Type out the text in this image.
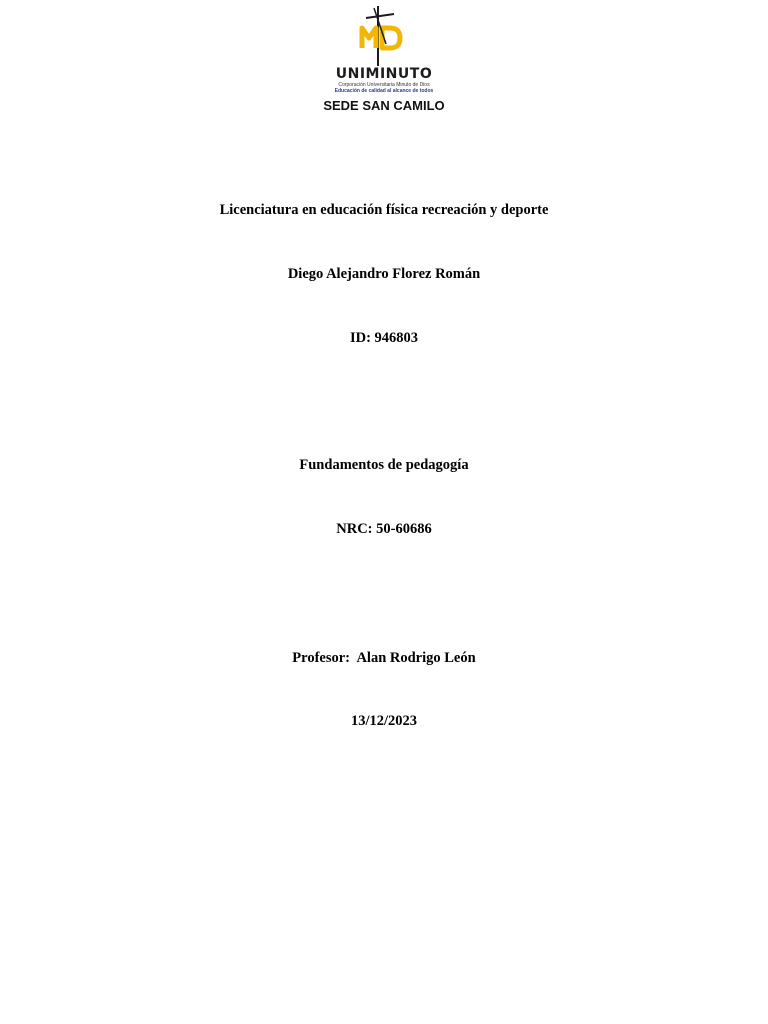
UNIMINUTO
Corporación Universitaria Minuto de Dios
Educación de calidad al alcance de todos
SEDE SAN CAMILO
Licenciatura en educación física recreación y deporte
Diego Alejandro Florez Román
ID: 946803
Fundamentos de pedagogía
NRC: 50-60686
Profesor:  Alan Rodrigo León
13/12/2023
